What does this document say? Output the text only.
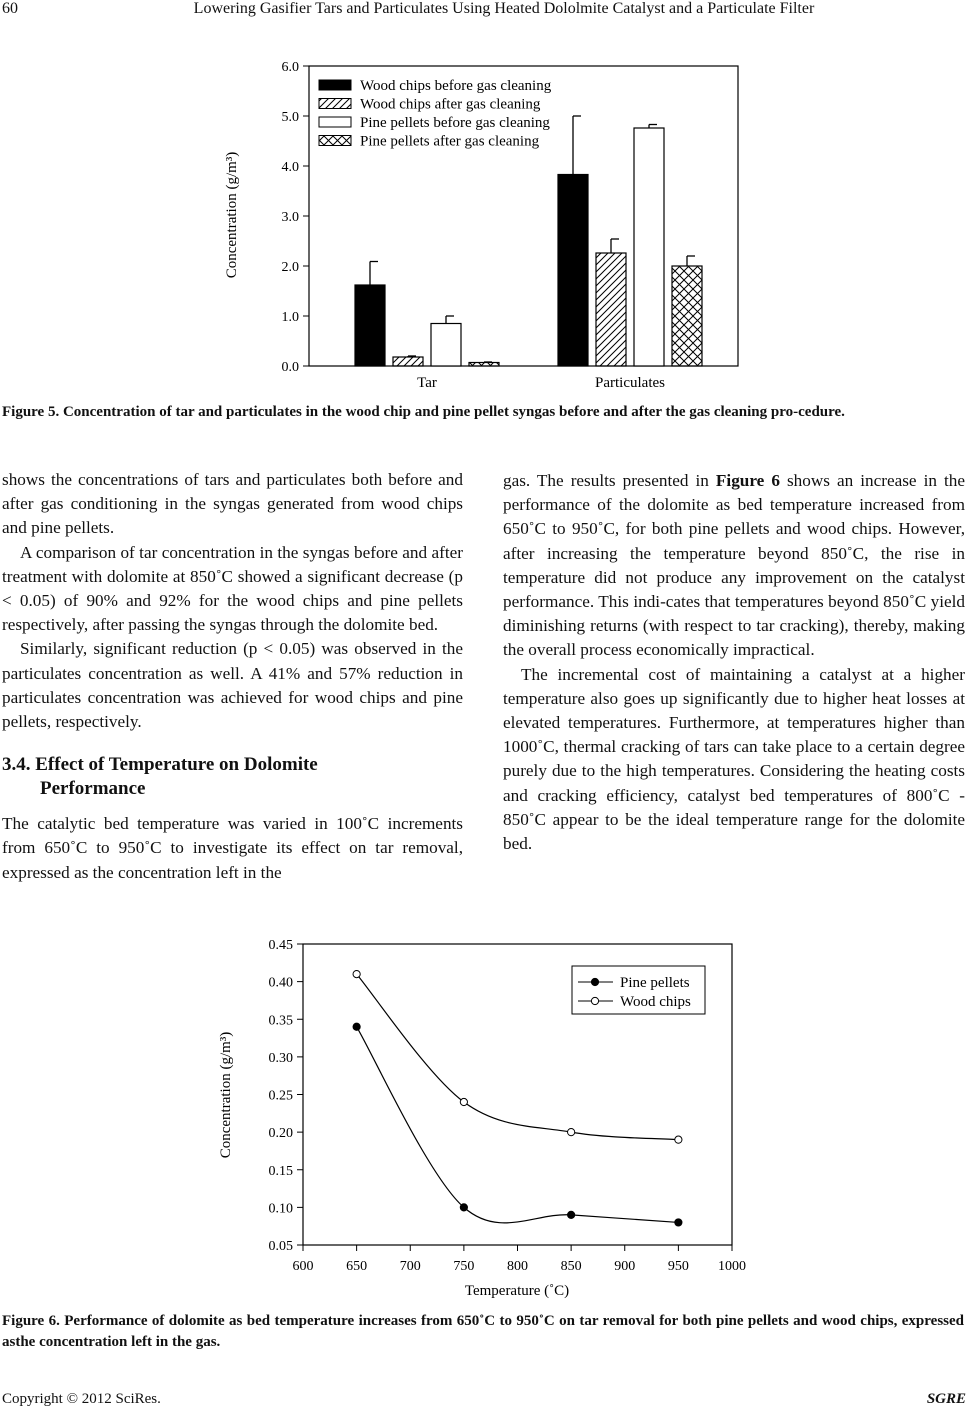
60	Lowering Gasifier Tars and Particulates Using Heated Dololmite Catalyst and a Particulate Filter
0.0
1.0
2.0
3.0
4.0
5.0
6.0
Tar	Particulates
Wood chips before gas cleaning
Wood chips after gas cleaning
Pine pellets before gas cleaning
Pine pellets after gas cleaning
Concentration (g/m³)
Figure 5. Concentration of tar and particulates in the wood chip and pine pellet syngas before and after the gas cleaning pro-cedure.

shows the concentrations of tars and particulates both before and after gas conditioning in the syngas generated from wood chips and pine pellets.

A comparison of tar concentration in the syngas before and after treatment with dolomite at 850˚C showed a significant decrease (p < 0.05) of 90% and 92% for the wood chips and pine pellets respectively, after passing the syngas through the dolomite bed.

Similarly, significant reduction (p < 0.05) was observed in the particulates concentration as well. A 41% and 57% reduction in particulates concentration was achieved for wood chips and pine pellets, respectively.

3.4. Effect of Temperature on Dolomite
Performance

The catalytic bed temperature was varied in 100˚C increments from 650˚C to 950˚C to investigate its effect on tar removal, expressed as the concentration left in the

gas. The results presented in Figure 6 shows an increase in the performance of the dolomite as bed temperature increased from 650˚C to 950˚C, for both pine pellets and wood chips. However, after increasing the temperature beyond 850˚C, the rise in temperature did not produce any improvement on the catalyst performance. This indi-cates that temperatures beyond 850˚C yield diminishing returns (with respect to tar cracking), thereby, making the overall process economically impractical.

The incremental cost of maintaining a catalyst at a higher temperature also goes up significantly due to higher heat losses at elevated temperatures. Furthermore, at temperatures higher than 1000˚C, thermal cracking of tars can take place to a certain degree purely due to the high temperatures. Considering the heating costs and cracking efficiency, catalyst bed temperatures of 800˚C - 850˚C appear to be the ideal temperature range for the dolomite bed.

0.05
0.10
0.15
0.20
0.25
0.30
0.35
0.40
0.45
600 650 700 750 800 850 900 950 1000
Pine pellets
Wood chips
Temperature (˚C)
Concentration (g/m³)
Figure 6. Performance of dolomite as bed temperature increases from 650˚C to 950˚C on tar removal for both pine pellets and wood chips, expressed asthe concentration left in the gas.
Copyright © 2012 SciRes.	SGRE
